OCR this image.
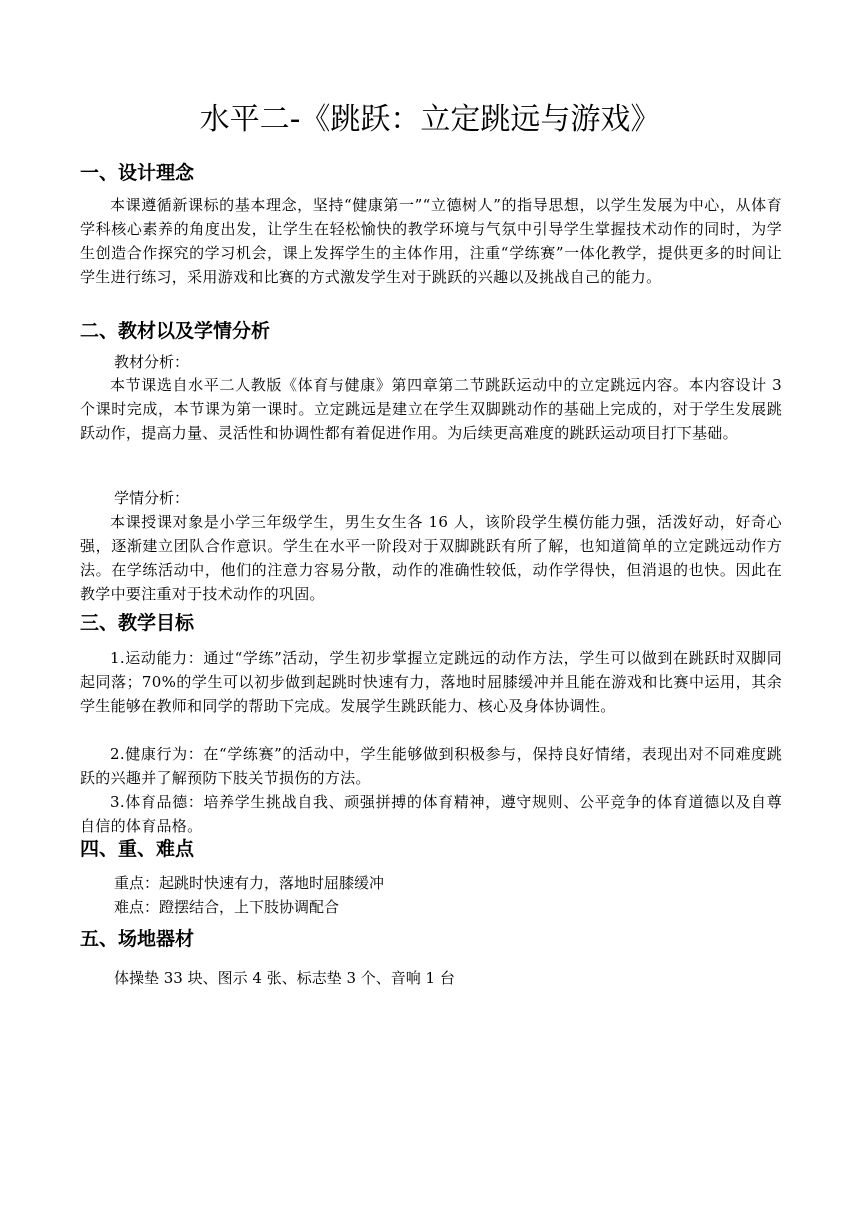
水平二-《跳跃：立定跳远与游戏》
一、设计理念

本课遵循新课标的基本理念，坚持“健康第一”“立德树人”的指导思想，以学生发展为中心，从体育学科核心素养的角度出发，让学生在轻松愉快的教学环境与气氛中引导学生掌握技术动作的同时，为学生创造合作探究的学习机会，课上发挥学生的主体作用，注重“学练赛”一体化教学，提供更多的时间让学生进行练习，采用游戏和比赛的方式激发学生对于跳跃的兴趣以及挑战自己的能力。

二、教材以及学情分析

教材分析：

本节课选自水平二人教版《体育与健康》第四章第二节跳跃运动中的立定跳远内容。本内容设计 3 个课时完成，本节课为第一课时。立定跳远是建立在学生双脚跳动作的基础上完成的，对于学生发展跳跃动作，提高力量、灵活性和协调性都有着促进作用。为后续更高难度的跳跃运动项目打下基础。

学情分析：

本课授课对象是小学三年级学生，男生女生各 16 人，该阶段学生模仿能力强，活泼好动，好奇心强，逐渐建立团队合作意识。学生在水平一阶段对于双脚跳跃有所了解，也知道简单的立定跳远动作方法。在学练活动中，他们的注意力容易分散，动作的准确性较低，动作学得快，但消退的也快。因此在教学中要注重对于技术动作的巩固。

三、教学目标

1.运动能力：通过“学练”活动，学生初步掌握立定跳远的动作方法，学生可以做到在跳跃时双脚同起同落；70%的学生可以初步做到起跳时快速有力，落地时屈膝缓冲并且能在游戏和比赛中运用，其余学生能够在教师和同学的帮助下完成。发展学生跳跃能力、核心及身体协调性。

2.健康行为：在“学练赛”的活动中，学生能够做到积极参与，保持良好情绪，表现出对不同难度跳跃的兴趣并了解预防下肢关节损伤的方法。

3.体育品德：培养学生挑战自我、顽强拼搏的体育精神，遵守规则、公平竞争的体育道德以及自尊自信的体育品格。

四、重、难点

重点：起跳时快速有力，落地时屈膝缓冲

难点：蹬摆结合，上下肢协调配合

五、场地器材

体操垫 33 块、图示 4 张、标志垫 3 个、音响 1 台
